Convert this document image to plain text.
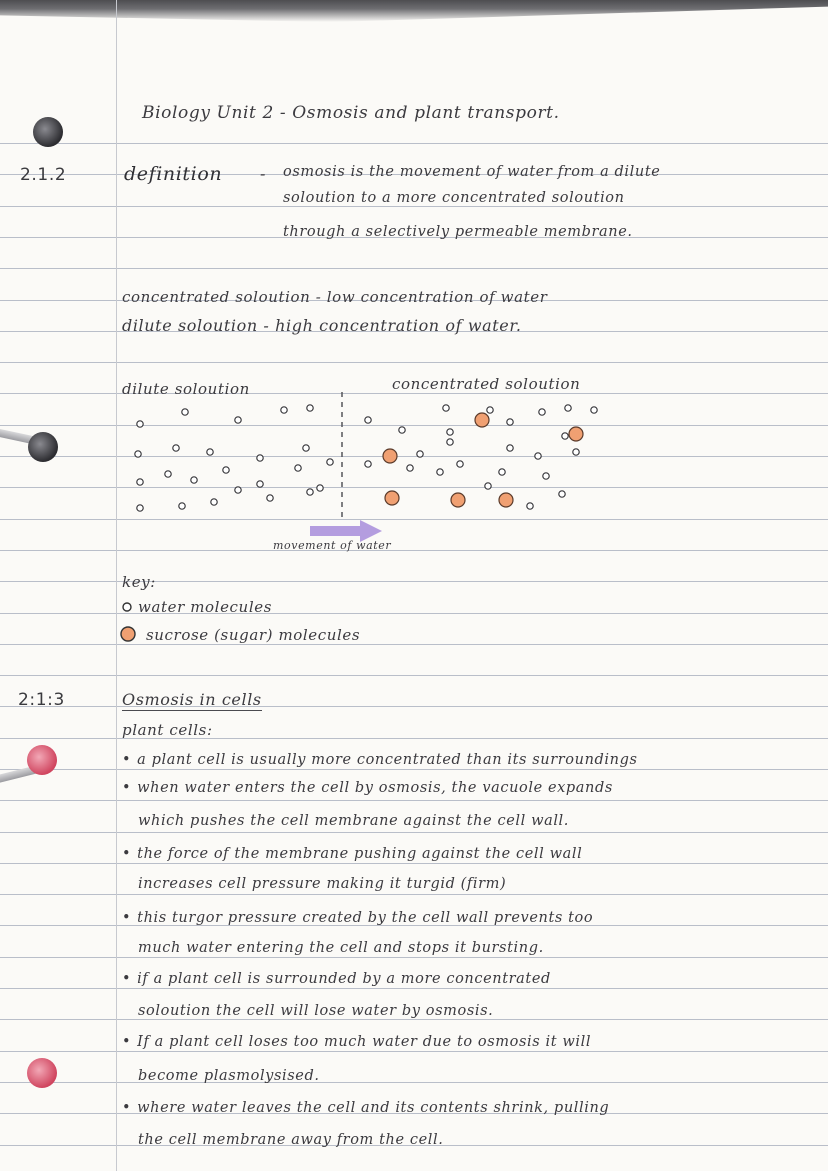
Biology Unit 2 - Osmosis and plant transport.
2.1.2	definition - osmosis is the movement of water from a dilute
soloution to a more concentrated soloution
through a selectively permeable membrane.
concentrated soloution - low concentration of water
dilute soloution - high concentration of water.
dilute soloution	concentrated soloution
movement of water
key:
water molecules
sucrose (sugar) molecules
2:1:3	Osmosis in cells
plant cells:
• a plant cell is usually more concentrated than its surroundings
• when water enters the cell by osmosis, the vacuole expands
which pushes the cell membrane against the cell wall.
• the force of the membrane pushing against the cell wall
increases cell pressure making it turgid (firm)
• this turgor pressure created by the cell wall prevents too
much water entering the cell and stops it bursting.
• if a plant cell is surrounded by a more concentrated
soloution the cell will lose water by osmosis.
• If a plant cell loses too much water due to osmosis it will
become plasmolysised.
• where water leaves the cell and its contents shrink, pulling
the cell membrane away from the cell.
